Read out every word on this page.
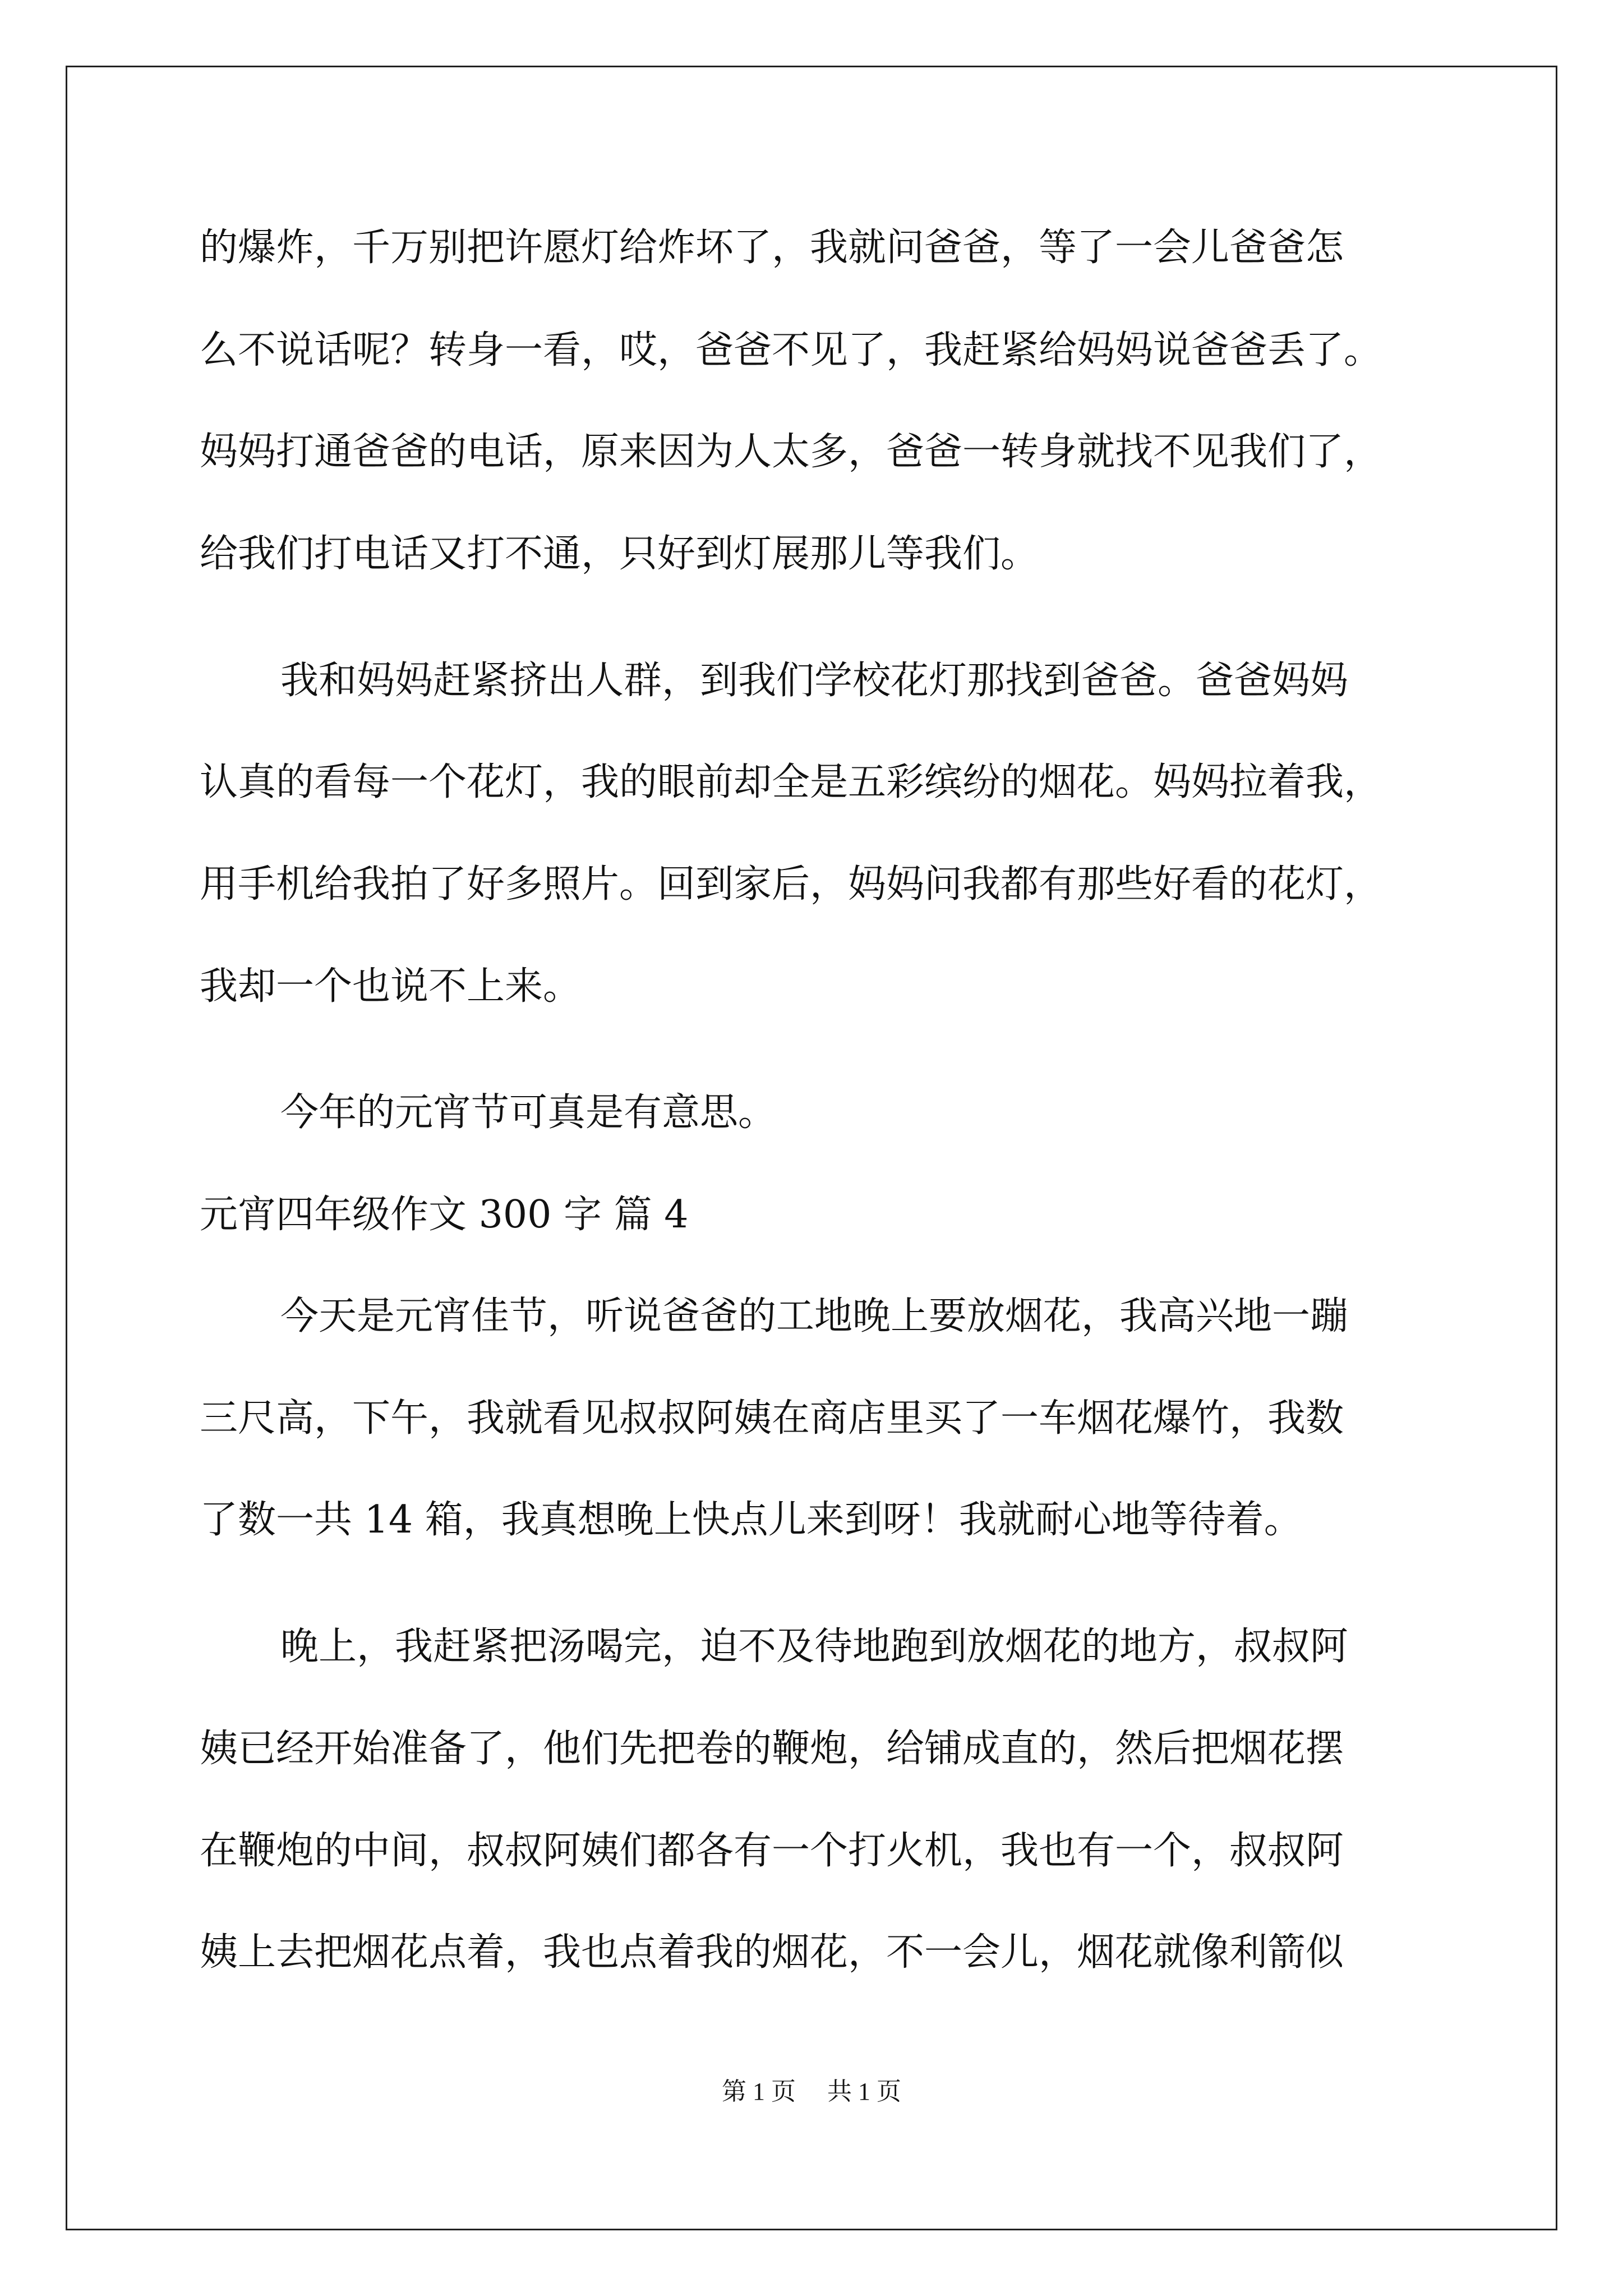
的爆炸，千万别把许愿灯给炸坏了，我就问爸爸，等了一会儿爸爸怎
么不说话呢？转身一看，哎，爸爸不见了，我赶紧给妈妈说爸爸丢了。
妈妈打通爸爸的电话，原来因为人太多，爸爸一转身就找不见我们了，
给我们打电话又打不通，只好到灯展那儿等我们。
我和妈妈赶紧挤出人群，到我们学校花灯那找到爸爸。爸爸妈妈
认真的看每一个花灯，我的眼前却全是五彩缤纷的烟花。妈妈拉着我，
用手机给我拍了好多照片。回到家后，妈妈问我都有那些好看的花灯，
我却一个也说不上来。
今年的元宵节可真是有意思。
元宵四年级作文 300 字 篇 4
今天是元宵佳节，听说爸爸的工地晚上要放烟花，我高兴地一蹦
三尺高，下午，我就看见叔叔阿姨在商店里买了一车烟花爆竹，我数
了数一共 14 箱，我真想晚上快点儿来到呀！我就耐心地等待着。
晚上，我赶紧把汤喝完，迫不及待地跑到放烟花的地方，叔叔阿
姨已经开始准备了，他们先把卷的鞭炮，给铺成直的，然后把烟花摆
在鞭炮的中间，叔叔阿姨们都各有一个打火机，我也有一个，叔叔阿
姨上去把烟花点着，我也点着我的烟花，不一会儿，烟花就像利箭似
第 1 页 共 1 页
